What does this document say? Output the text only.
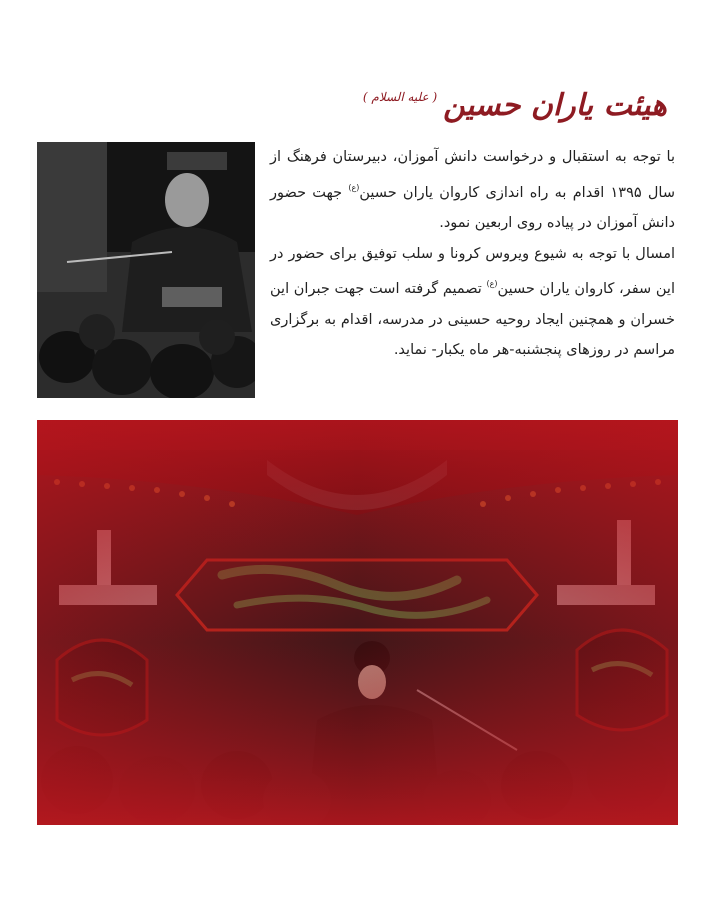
هیئت یاران حسین$^{( علیه السلام )}$

با توجه به استقبال و درخواست دانش آموزان، دبیرستان فرهنگ از سال ۱۳۹۵ اقدام به راه اندازی کاروان یاران حسین$^{(ع)}$ جهت حضور دانش آموزان در پیاده روی اربعین نمود.

امسال با توجه به شیوع ویروس کرونا و سلب توفیق برای حضور در این سفر، کاروان یاران حسین$^{(ع)}$ تصمیم گرفته است جهت جبران این خسران و همچنین ایجاد روحیه حسینی در مدرسه، اقدام به برگزاری مراسم در روزهای پنجشنبه-هر ماه یکبار- نماید.
